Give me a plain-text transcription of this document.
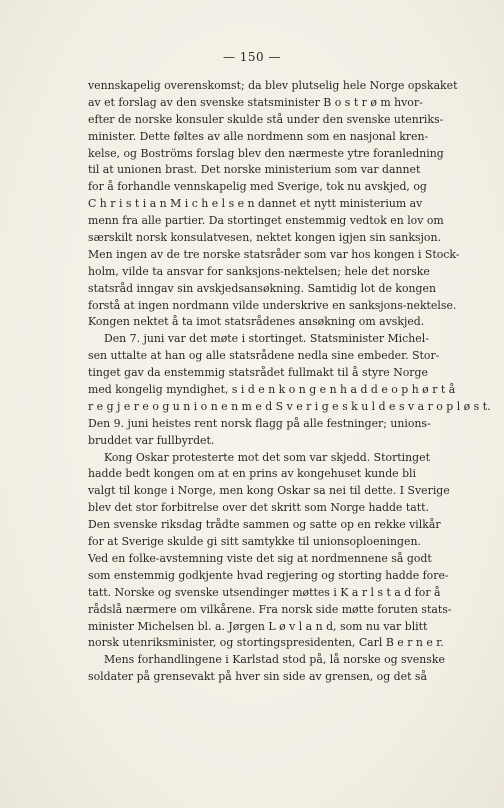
— 150 —
vennskapelig overenskomst; da blev plutselig hele Norge opskaket
av et forslag av den svenske statsminister B o s t r ø m hvor-
efter de norske konsuler skulde stå under den svenske utenriks-
minister. Dette føltes av alle nordmenn som en nasjonal kren-
kelse, og Boströms forslag blev den nærmeste ytre foranledning
til at unionen brast. Det norske ministerium som var dannet
for å forhandle vennskapelig med Sverige, tok nu avskjed, og
C h r i s t i a n M i c h e l s e n dannet et nytt ministerium av
menn fra alle partier. Da stortinget enstemmig vedtok en lov om
særskilt norsk konsulatvesen, nektet kongen igjen sin sanksjon.
Men ingen av de tre norske statsråder som var hos kongen i Stock-
holm, vilde ta ansvar for sanksjons-nektelsen; hele det norske
statsråd inngav sin avskjedsansøkning. Samtidig lot de kongen
forstå at ingen nordmann vilde underskrive en sanksjons-nektelse.
Kongen nektet å ta imot statsrådenes ansøkning om avskjed.
Den 7. juni var det møte i stortinget. Statsminister Michel-
sen uttalte at han og alle statsrådene nedla sine embeder. Stor-
tinget gav da enstemmig statsrådet fullmakt til å styre Norge
med kongelig myndighet, s i d e n k o n g e n h a d d e o p h ø r t å
r e g j e r e o g u n i o n e n m e d S v e r i g e s k u l d e s v a r o p l ø s t.
Den 9. juni heistes rent norsk flagg på alle festninger; unions-
bruddet var fullbyrdet.
Kong Oskar protesterte mot det som var skjedd. Stortinget
hadde bedt kongen om at en prins av kongehuset kunde bli
valgt til konge i Norge, men kong Oskar sa nei til dette. I Sverige
blev det stor forbitrelse over det skritt som Norge hadde tatt.
Den svenske riksdag trådte sammen og satte op en rekke vilkår
for at Sverige skulde gi sitt samtykke til unionsoploeningen.
Ved en folke-avstemning viste det sig at nordmennene så godt
som enstemmig godkjente hvad regjering og storting hadde fore-
tatt. Norske og svenske utsendinger møttes i K a r l s t a d for å
rådslå nærmere om vilkårene. Fra norsk side møtte foruten stats-
minister Michelsen bl. a. Jørgen L ø v l a n d, som nu var blitt
norsk utenriksminister, og stortingspresidenten, Carl B e r n e r.
Mens forhandlingene i Karlstad stod på, lå norske og svenske
soldater på grensevakt på hver sin side av grensen, og det så
